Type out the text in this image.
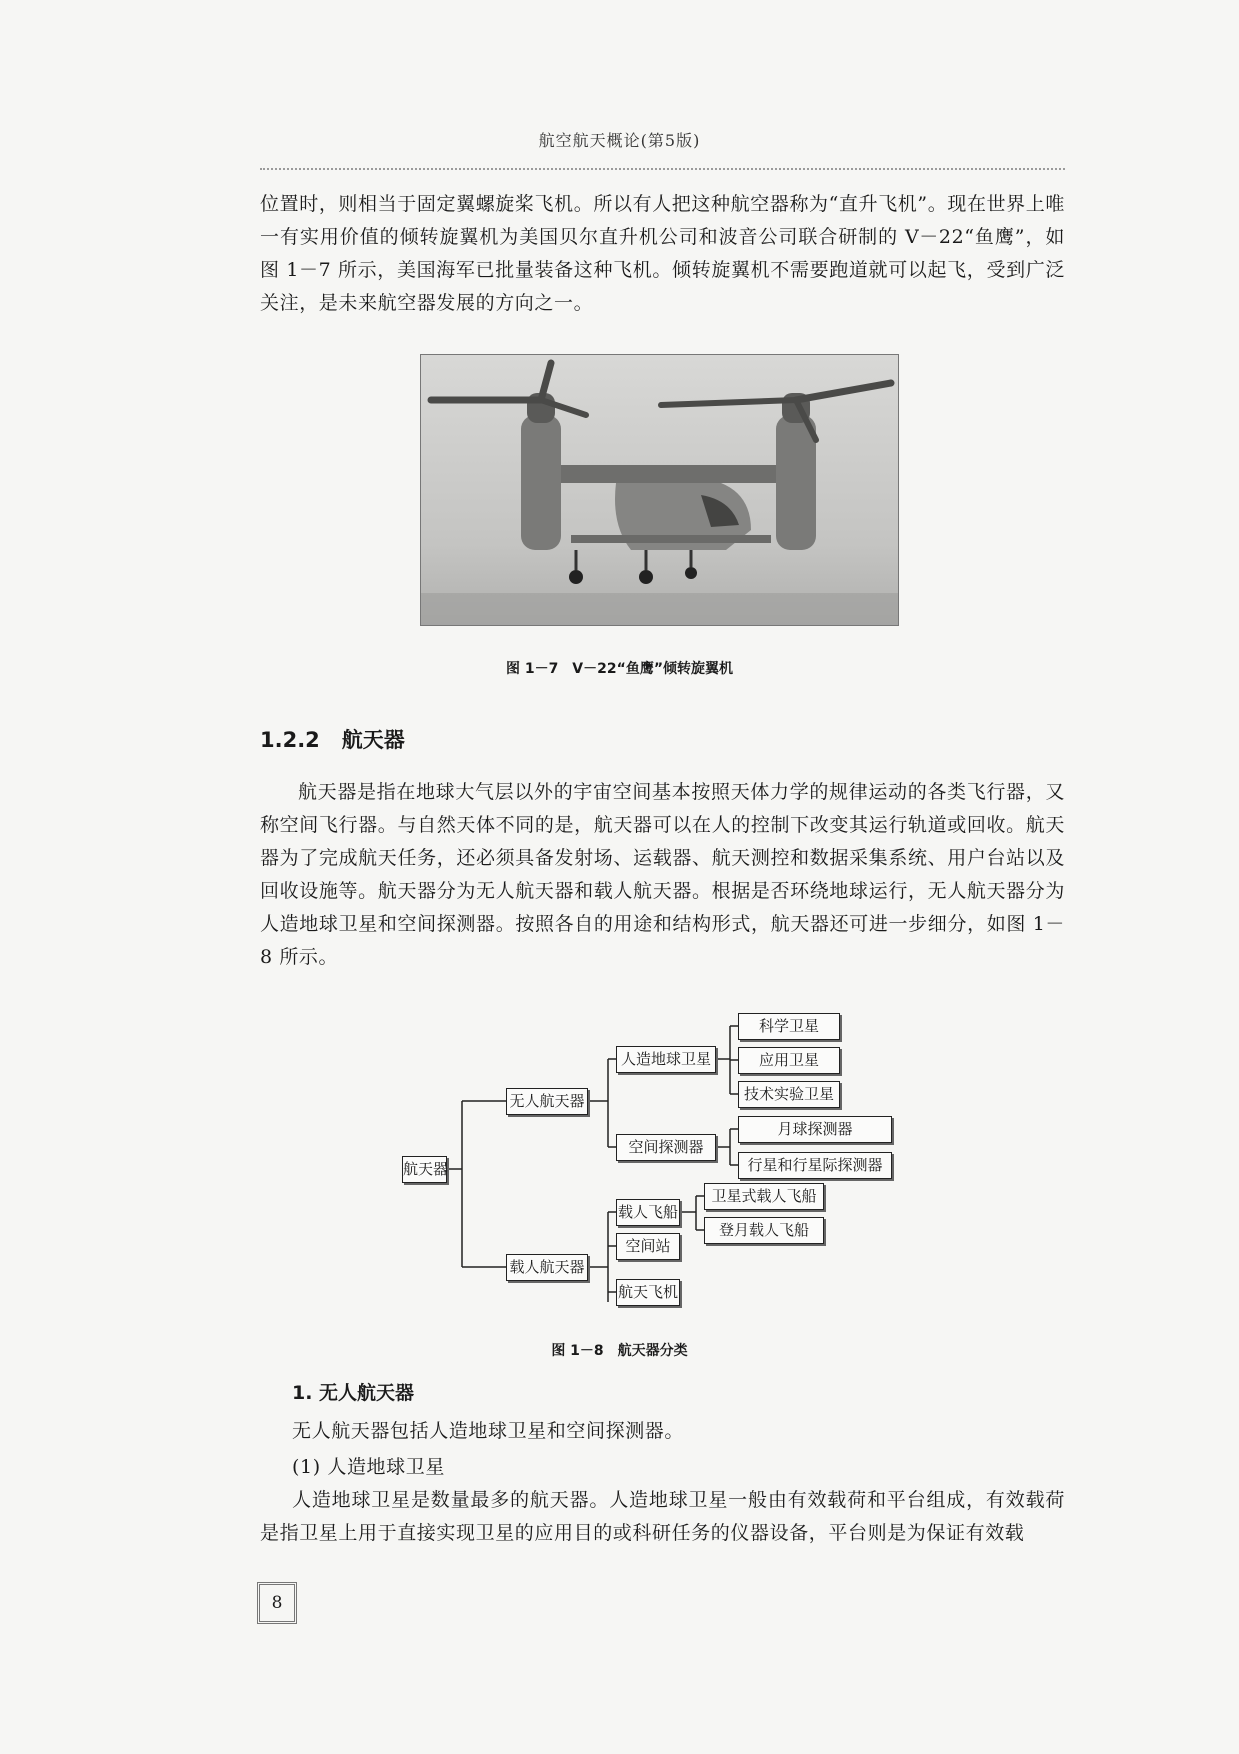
航空航天概论(第5版)
位置时，则相当于固定翼螺旋桨飞机。所以有人把这种航空器称为“直升飞机”。现在世界上唯一有实用价值的倾转旋翼机为美国贝尔直升机公司和波音公司联合研制的 V－22“鱼鹰”，如图 1－7 所示，美国海军已批量装备这种飞机。倾转旋翼机不需要跑道就可以起飞，受到广泛关注，是未来航空器发展的方向之一。
图 1－7　V－22“鱼鹰”倾转旋翼机
1.2.2 航天器
航天器是指在地球大气层以外的宇宙空间基本按照天体力学的规律运动的各类飞行器，又称空间飞行器。与自然天体不同的是，航天器可以在人的控制下改变其运行轨道或回收。航天器为了完成航天任务，还必须具备发射场、运载器、航天测控和数据采集系统、用户台站以及回收设施等。航天器分为无人航天器和载人航天器。根据是否环绕地球运行，无人航天器分为人造地球卫星和空间探测器。按照各自的用途和结构形式，航天器还可进一步细分，如图 1－8 所示。
航天器
无人航天器
载人航天器
人造地球卫星
空间探测器
科学卫星
应用卫星
技术实验卫星
月球探测器
行星和行星际探测器
载人飞船
空间站
航天飞机
卫星式载人飞船
登月载人飞船
图 1－8　航天器分类
1. 无人航天器
无人航天器包括人造地球卫星和空间探测器。
(1) 人造地球卫星
人造地球卫星是数量最多的航天器。人造地球卫星一般由有效载荷和平台组成，有效载荷是指卫星上用于直接实现卫星的应用目的或科研任务的仪器设备，平台则是为保证有效载
8
